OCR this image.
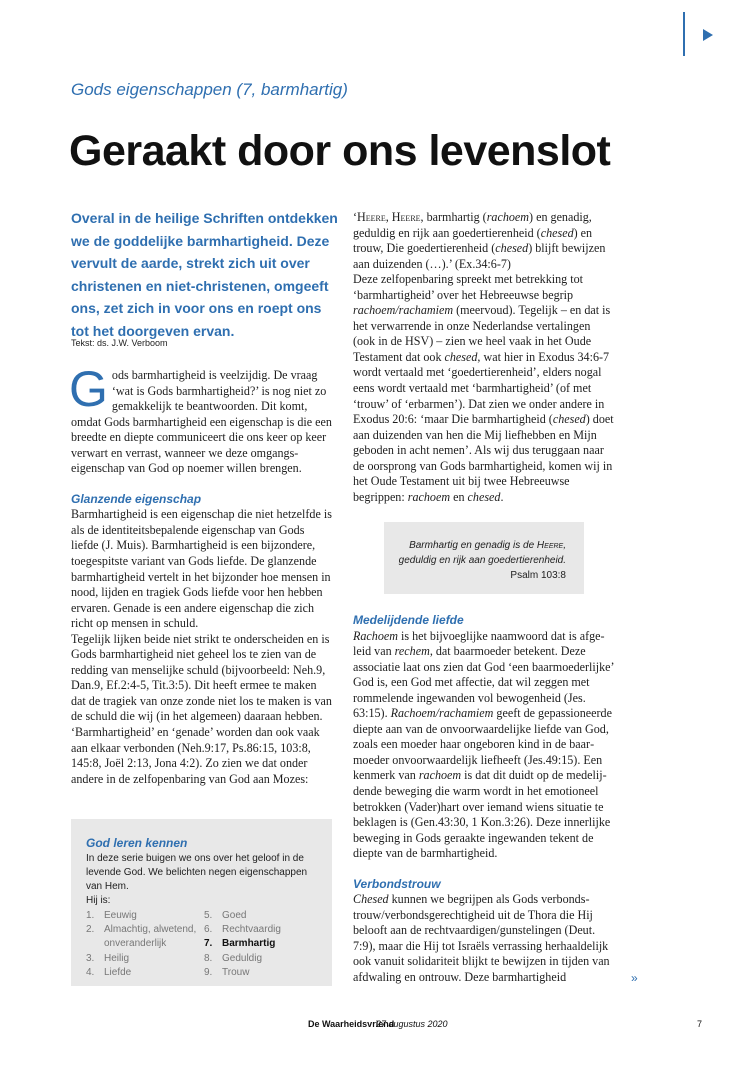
Gods eigenschappen (7, barmhartig)
Geraakt door ons levenslot
Overal in de heilige Schriften ontdekken we de goddelijke barmhartigheid. Deze vervult de aarde, strekt zich uit over christenen en niet-christenen, omgeeft ons, zet zich in voor ons en roept ons tot het doorgeven ervan.
Tekst: ds. J.W. Verboom

Gods barmhartigheid is veelzijdig. De vraag ‘wat is Gods barmhartigheid?’ is nog niet zo gemakkelijk te beantwoorden. Dit komt, omdat Gods barmhartigheid een eigenschap is die een breedte en diepte communiceert die ons keer op keer verwart en verrast, wanneer we deze omgangseigenschap van God op noemer willen brengen.

Glanzende eigenschap

Barmhartigheid is een eigenschap die niet hetzelfde is als de identiteitsbepalende eigenschap van Gods liefde (J. Muis). Barmhartigheid is een bijzondere, toegespitste variant van Gods liefde. De glanzende barmhartigheid vertelt in het bijzonder hoe mensen in nood, lijden en tragiek Gods liefde voor hen hebben ervaren. Genade is een andere eigenschap die zich richt op mensen in schuld.

Tegelijk lijken beide niet strikt te onderscheiden en is Gods barmhartigheid niet geheel los te zien van de redding van menselijke schuld (bijvoorbeeld: Neh.9, Dan.9, Ef.2:4-5, Tit.3:5). Dit heeft ermee te maken dat de tragiek van onze zonde niet los te maken is van de schuld die wij (in het algemeen) daaraan hebben.

‘Barmhartigheid’ en ‘genade’ worden dan ook vaak aan elkaar verbonden (Neh.9:17, Ps.86:15, 103:8, 145:8, Joël 2:13, Jona 4:2). Zo zien we dat onder andere in de zelfopenbaring van God aan Mozes:

God leren kennen
In deze serie buigen we ons over het geloof in de levende God. We belichten negen eigenschappen van Hem.
Hij is:
1. Eeuwig
2. Almachtig, alwetend, onveranderlijk
3. Heilig
4. Liefde
5. Goed
6. Rechtvaardig
7. Barmhartig
8. Geduldig
9. Trouw

‘Heere, Heere, barmhartig (rachoem) en genadig, geduldig en rijk aan goedertierenheid (chesed) en trouw, Die goedertierenheid (chesed) blijft bewijzen aan duizenden (…).’ (Ex.34:6-7)

Deze zelfopenbaring spreekt met betrekking tot ‘barmhartigheid’ over het Hebreeuwse begrip rachoem/rachamiem (meervoud). Tegelijk – en dat is het verwarrende in onze Nederlandse vertalingen (ook in de HSV) – zien we heel vaak in het Oude Testament dat ook chesed, wat hier in Exodus 34:6-7 wordt vertaald met ‘goedertierenheid’, elders nogal eens wordt vertaald met ‘barmhartigheid’ (of met ‘trouw’ of ‘erbarmen’). Dat zien we onder andere in Exodus 20:6: ‘maar Die barmhartigheid (chesed) doet aan duizenden van hen die Mij liefhebben en Mijn geboden in acht nemen’. Als wij dus teruggaan naar de oorsprong van Gods barmhartigheid, komen wij in het Oude Testament uit bij twee Hebreeuwse begrippen: rachoem en chesed.

Barmhartig en genadig is de Heere,
geduldig en rijk aan goedertierenheid.
Psalm 103:8

Medelijdende liefde

Rachoem is het bijvoeglijke naamwoord dat is afgeleid van rechem, dat baarmoeder betekent. Deze associatie laat ons zien dat God ‘een baarmoederlijke’ God is, een God met affectie, dat wil zeggen met rommelende ingewanden vol bewogenheid (Jes. 63:15). Rachoem/rachamiem geeft de gepassioneerde diepte aan van de onvoorwaardelijke liefde van God, zoals een moeder haar ongeboren kind in de baarmoeder onvoorwaardelijk liefheeft (Jes.49:15). Een kenmerk van rachoem is dat dit duidt op de medelijdende beweging die warm wordt in het emotioneel betrokken (Vader)hart over iemand wiens situatie te beklagen is (Gen.43:30, 1 Kon.3:26). Deze innerlijke beweging in Gods geraakte ingewanden tekent de diepte van de barmhartigheid.

Verbondstrouw

Chesed kunnen we begrijpen als Gods verbondstrouw/verbondsgerechtigheid uit de Thora die Hij belooft aan de rechtvaardigen/gunstelingen (Deut. 7:9), maar die Hij tot Israëls verrassing herhaaldelijk ook vanuit solidariteit blijkt te bewijzen in tijden van afdwaling en ontrouw. Deze barmhartigheid	»
De Waarheidsvriend
27 augustus 2020	7
